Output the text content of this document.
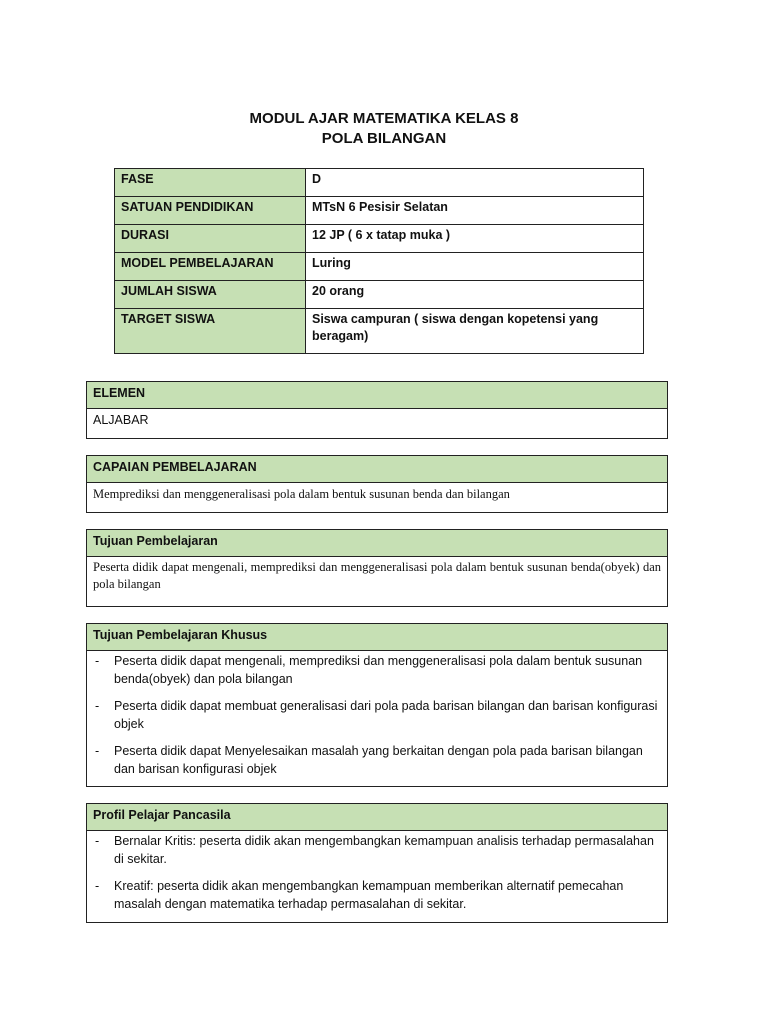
MODUL AJAR MATEMATIKA KELAS 8
POLA BILANGAN
FASE	D
SATUAN PENDIDIKAN	MTsN 6 Pesisir Selatan
DURASI	12 JP ( 6 x tatap muka )
MODEL PEMBELAJARAN	Luring
JUMLAH SISWA	20 orang
TARGET SISWA	Siswa campuran ( siswa dengan kopetensi yang beragam)
ELEMEN
ALJABAR
CAPAIAN PEMBELAJARAN
Memprediksi dan menggeneralisasi pola dalam bentuk susunan benda dan bilangan
Tujuan Pembelajaran
Peserta didik dapat mengenali, memprediksi dan menggeneralisasi pola dalam bentuk susunan benda(obyek) dan pola bilangan
Tujuan Pembelajaran Khusus
- Peserta didik dapat mengenali, memprediksi dan menggeneralisasi pola dalam bentuk susunan benda(obyek) dan pola bilangan
- Peserta didik dapat membuat generalisasi dari pola pada barisan bilangan dan barisan konfigurasi objek
- Peserta didik dapat Menyelesaikan masalah yang berkaitan dengan pola pada barisan bilangan dan barisan konfigurasi objek
Profil Pelajar Pancasila
- Bernalar Kritis: peserta didik akan mengembangkan kemampuan analisis terhadap permasalahan di sekitar.
- Kreatif: peserta didik akan mengembangkan kemampuan memberikan alternatif pemecahan masalah dengan matematika terhadap permasalahan di sekitar.
